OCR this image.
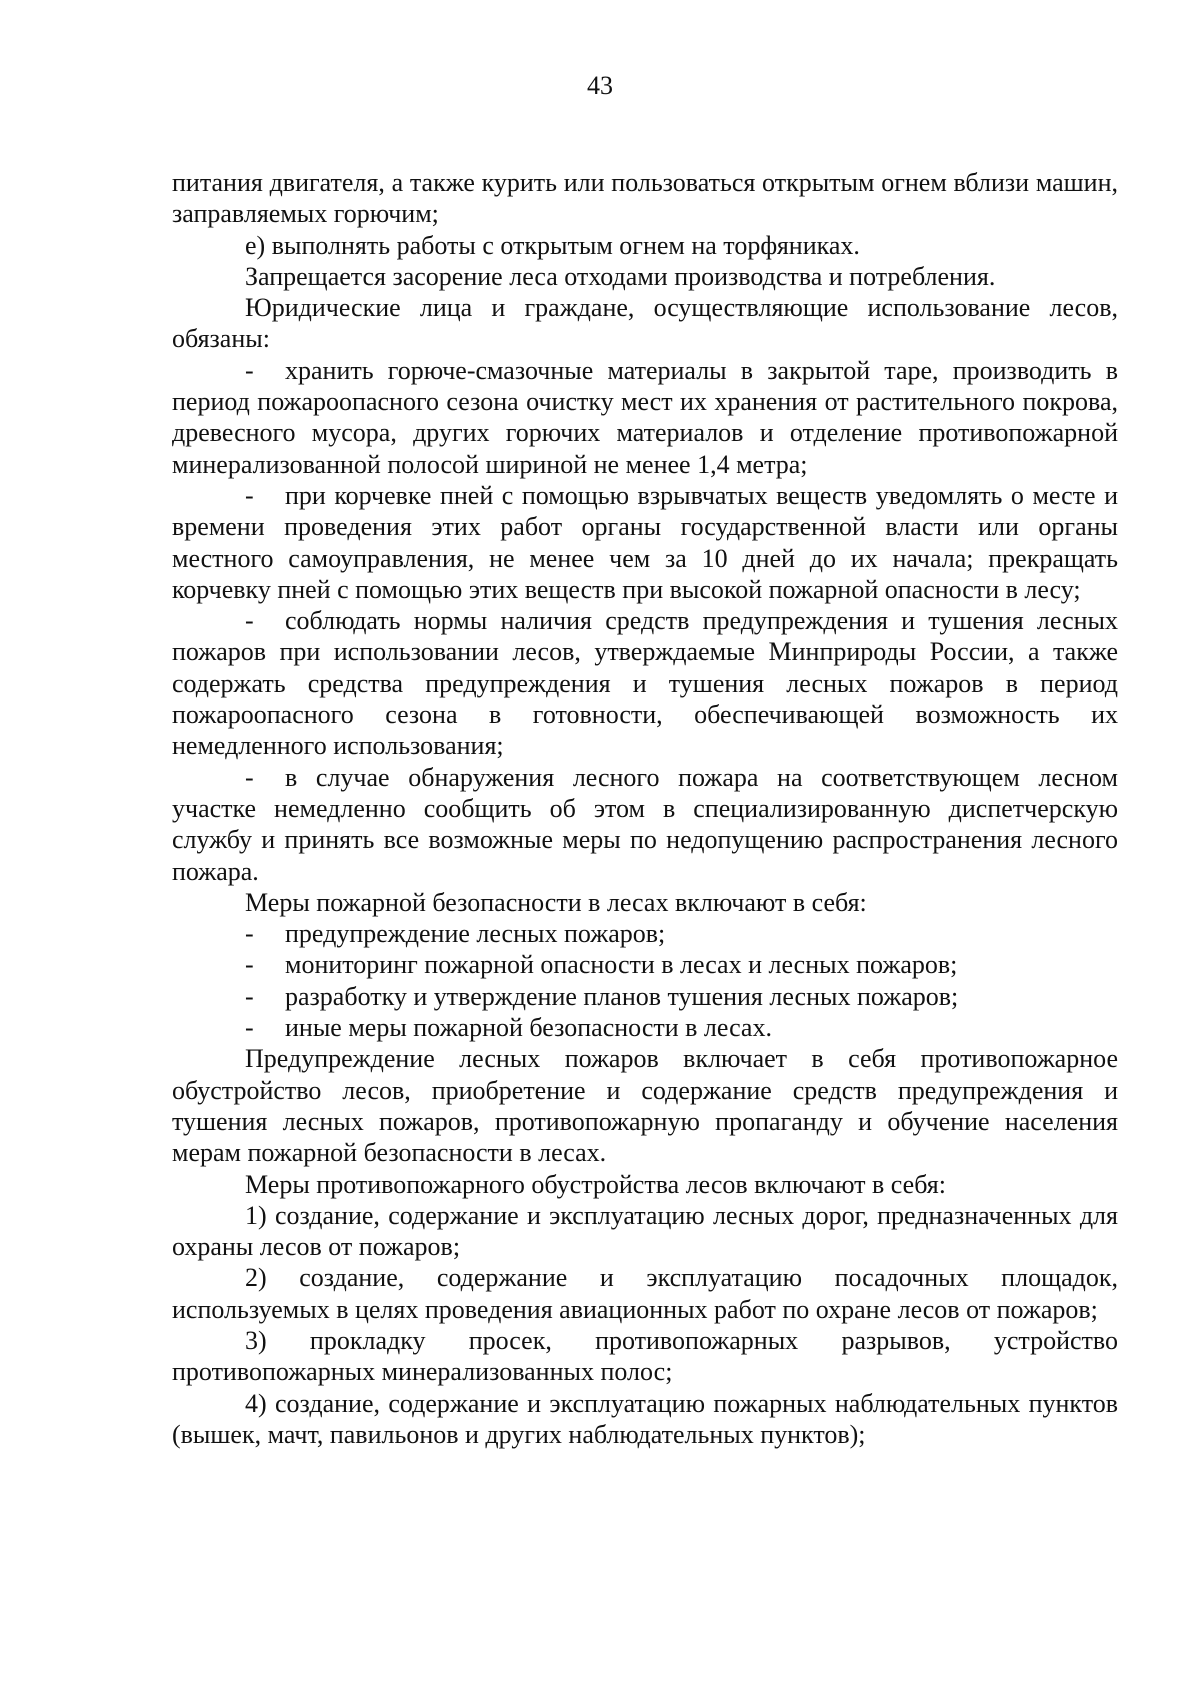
43

питания двигателя, а также курить или пользоваться открытым огнем вблизи машин, заправляемых горючим;

е) выполнять работы с открытым огнем на торфяниках.

Запрещается засорение леса отходами производства и потребления.

Юридические лица и граждане, осуществляющие использование лесов, обязаны:

- хранить горюче-смазочные материалы в закрытой таре, производить в период пожароопасного сезона очистку мест их хранения от растительного покрова, древесного мусора, других горючих материалов и отделение противопожарной минерализованной полосой шириной не менее 1,4 метра;

- при корчевке пней с помощью взрывчатых веществ уведомлять о месте и времени проведения этих работ органы государственной власти или органы местного самоуправления, не менее чем за 10 дней до их начала; прекращать корчевку пней с помощью этих веществ при высокой пожарной опасности в лесу;

- соблюдать нормы наличия средств предупреждения и тушения лесных пожаров при использовании лесов, утверждаемые Минприроды России, а также содержать средства предупреждения и тушения лесных пожаров в период пожароопасного сезона в готовности, обеспечивающей возможность их немедленного использования;

- в случае обнаружения лесного пожара на соответствующем лесном участке немедленно сообщить об этом в специализированную диспетчерскую службу и принять все возможные меры по недопущению распространения лесного пожара.

Меры пожарной безопасности в лесах включают в себя:

-	предупреждение лесных пожаров;
-	мониторинг пожарной опасности в лесах и лесных пожаров;
-	разработку и утверждение планов тушения лесных пожаров;
-	иные меры пожарной безопасности в лесах.

Предупреждение лесных пожаров включает в себя противопожарное обустройство лесов, приобретение и содержание средств предупреждения и тушения лесных пожаров, противопожарную пропаганду и обучение населения мерам пожарной безопасности в лесах.

Меры противопожарного обустройства лесов включают в себя:

1) создание, содержание и эксплуатацию лесных дорог, предназначенных для охраны лесов от пожаров;

2) создание, содержание и эксплуатацию посадочных площадок, используемых в целях проведения авиационных работ по охране лесов от пожаров;

3) прокладку просек, противопожарных разрывов, устройство противопожарных минерализованных полос;

4) создание, содержание и эксплуатацию пожарных наблюдательных пунктов (вышек, мачт, павильонов и других наблюдательных пунктов);
